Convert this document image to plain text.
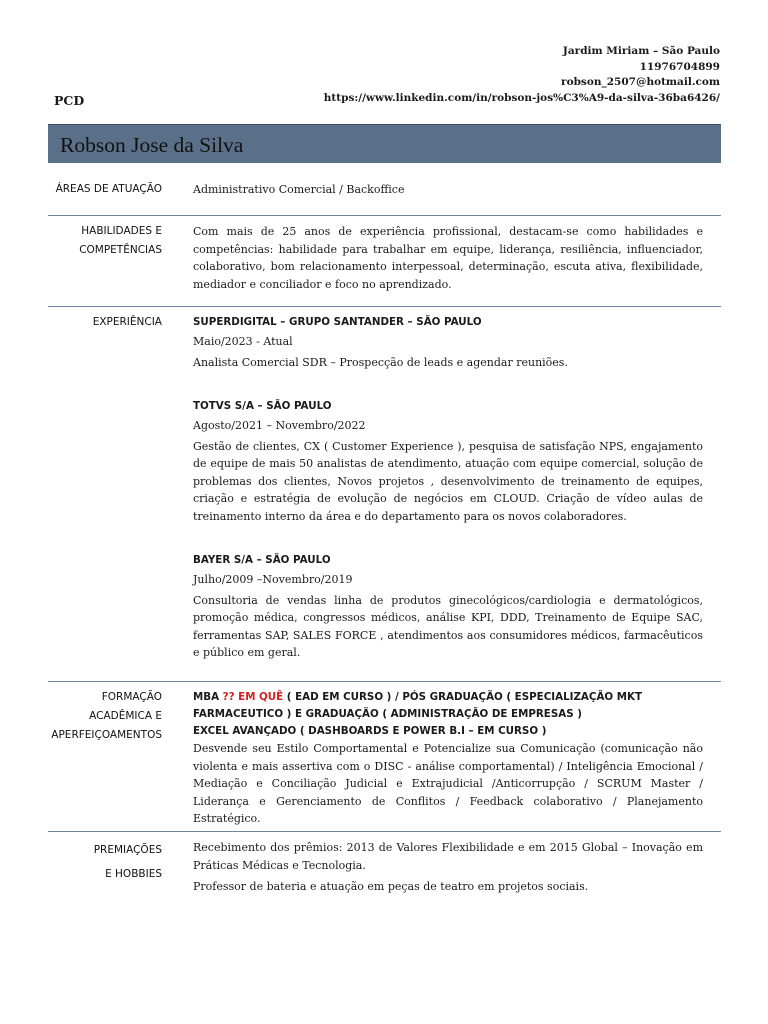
Jardim Miriam – São Paulo
11976704899
robson_2507@hotmail.com
https://www.linkedin.com/in/robson-jos%C3%A9-da-silva-36ba6426/
PCD
Robson Jose da Silva
ÁREAS DE ATUAÇÃO	Administrativo Comercial / Backoffice
HABILIDADES E
COMPETÊNCIAS
Com mais de 25 anos de experiência profissional, destacam-se como habilidades e competências: habilidade para trabalhar em equipe, liderança, resiliência, influenciador, colaborativo, bom relacionamento interpessoal, determinação, escuta ativa, flexibilidade, mediador e conciliador e foco no aprendizado.
EXPERIÊNCIA	SUPERDIGITAL – GRUPO SANTANDER – SÃO PAULO
Maio/2023 - Atual
Analista Comercial SDR – Prospecção de leads e agendar reuniões.
TOTVS S/A – SÃO PAULO
Agosto/2021 – Novembro/2022
Gestão de clientes, CX ( Customer Experience ), pesquisa de satisfação NPS, engajamento de equipe de mais 50 analistas de atendimento, atuação com equipe comercial, solução de problemas dos clientes, Novos projetos , desenvolvimento de treinamento de equipes, criação e estratégia de evolução de negócios em CLOUD. Criação de vídeo aulas de treinamento interno da área e do departamento para os novos colaboradores.
BAYER S/A – SÃO PAULO
Julho/2009 –Novembro/2019
Consultoria de vendas linha de produtos ginecológicos/cardiologia e dermatológicos, promoção médica, congressos médicos, análise KPI, DDD, Treinamento de Equipe SAC, ferramentas SAP, SALES FORCE , atendimentos aos consumidores médicos, farmacêuticos e público em geral.
FORMAÇÃO
ACADÊMICA E
APERFEIÇOAMENTOS
MBA ?? EM QUÊ ( EAD EM CURSO ) / PÓS GRADUAÇÃO ( ESPECIALIZAÇÃO MKT FARMACEUTICO ) E GRADUAÇÃO ( ADMINISTRAÇÃO DE EMPRESAS )
EXCEL AVANÇADO ( DASHBOARDS E POWER B.I – EM CURSO )
Desvende seu Estilo Comportamental e Potencialize sua Comunicação (comunicação não violenta e mais assertiva com o DISC - análise comportamental) / Inteligência Emocional / Mediação e Conciliação Judicial e Extrajudicial /Anticorrupção / SCRUM Master / Liderança e Gerenciamento de Conflitos / Feedback colaborativo / Planejamento Estratégico.
PREMIAÇÕES
E HOBBIES
Recebimento dos prêmios: 2013 de Valores Flexibilidade e em 2015 Global – Inovação em Práticas Médicas e Tecnologia.
Professor de bateria e atuação em peças de teatro em projetos sociais.
